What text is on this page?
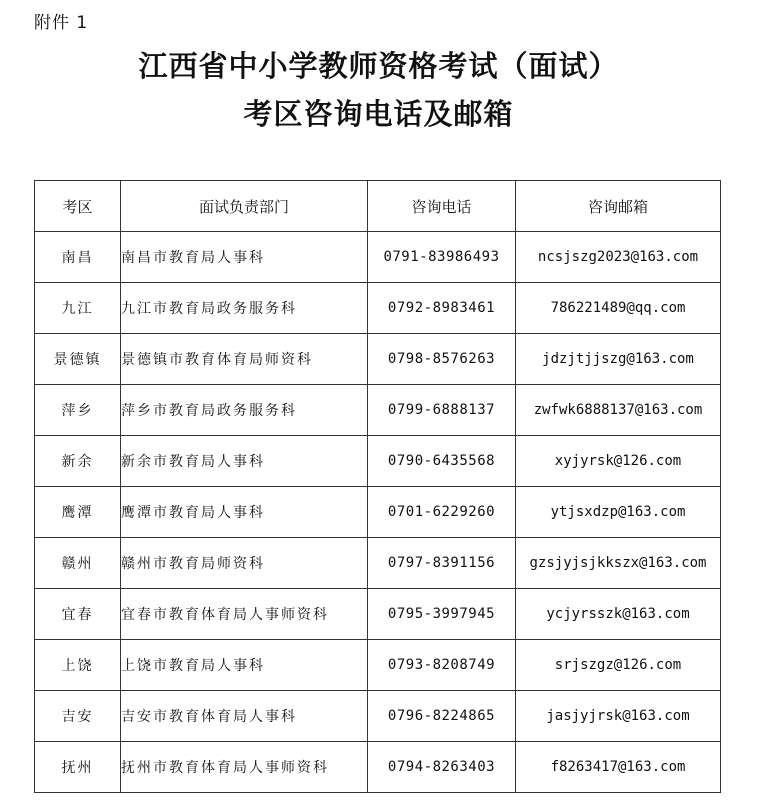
附件 1
江西省中小学教师资格考试（面试）
考区咨询电话及邮箱
考区	面试负责部门	咨询电话	咨询邮箱
南昌	南昌市教育局人事科	0791-83986493	ncsjszg2023@163.com
九江	九江市教育局政务服务科	0792-8983461	786221489@qq.com
景德镇	景德镇市教育体育局师资科	0798-8576263	jdzjtjjszg@163.com
萍乡	萍乡市教育局政务服务科	0799-6888137	zwfwk6888137@163.com
新余	新余市教育局人事科	0790-6435568	xyjyrsk@126.com
鹰潭	鹰潭市教育局人事科	0701-6229260	ytjsxdzp@163.com
赣州	赣州市教育局师资科	0797-8391156	gzsjyjsjkkszx@163.com
宜春	宜春市教育体育局人事师资科	0795-3997945	ycjyrsszk@163.com
上饶	上饶市教育局人事科	0793-8208749	srjszgz@126.com
吉安	吉安市教育体育局人事科	0796-8224865	jasjyjrsk@163.com
抚州	抚州市教育体育局人事师资科	0794-8263403	f8263417@163.com
